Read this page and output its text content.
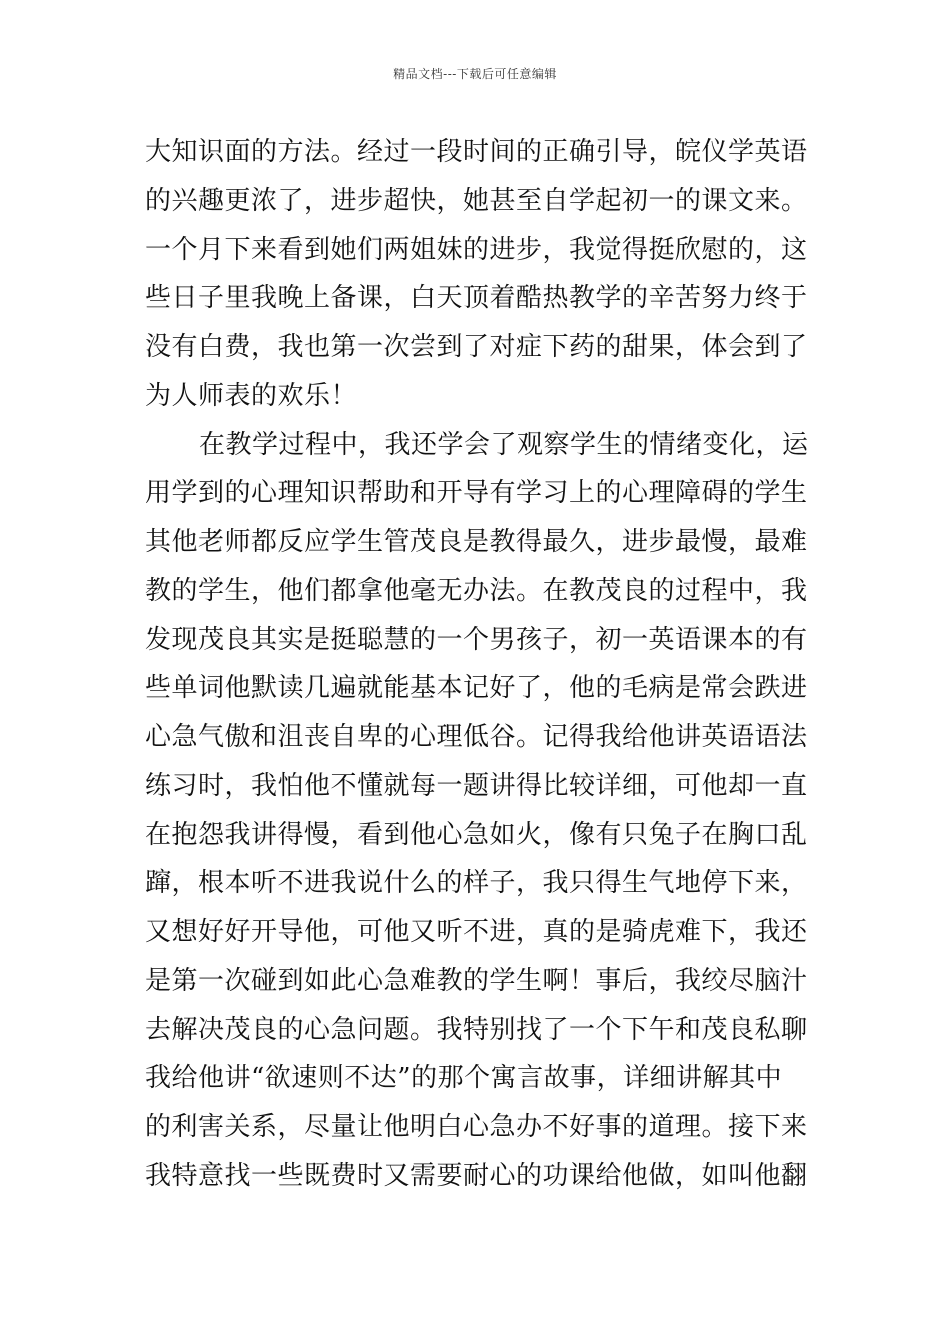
精品文档---下载后可任意编辑
大知识面的方法。经过一段时间的正确引导，皖仪学英语
的兴趣更浓了，进步超快，她甚至自学起初一的课文来。
一个月下来看到她们两姐妹的进步，我觉得挺欣慰的，这
些日子里我晚上备课，白天顶着酷热教学的辛苦努力终于
没有白费，我也第一次尝到了对症下药的甜果，体会到了
为人师表的欢乐！
在教学过程中，我还学会了观察学生的情绪变化，运
用学到的心理知识帮助和开导有学习上的心理障碍的学生
其他老师都反应学生管茂良是教得最久，进步最慢，最难
教的学生，他们都拿他毫无办法。在教茂良的过程中，我
发现茂良其实是挺聪慧的一个男孩子，初一英语课本的有
些单词他默读几遍就能基本记好了，他的毛病是常会跌进
心急气傲和沮丧自卑的心理低谷。记得我给他讲英语语法
练习时，我怕他不懂就每一题讲得比较详细，可他却一直
在抱怨我讲得慢，看到他心急如火，像有只兔子在胸口乱
蹿，根本听不进我说什么的样子，我只得生气地停下来，
又想好好开导他，可他又听不进，真的是骑虎难下，我还
是第一次碰到如此心急难教的学生啊！事后，我绞尽脑汁
去解决茂良的心急问题。我特别找了一个下午和茂良私聊
我给他讲“欲速则不达”的那个寓言故事，详细讲解其中
的利害关系，尽量让他明白心急办不好事的道理。接下来
我特意找一些既费时又需要耐心的功课给他做，如叫他翻
